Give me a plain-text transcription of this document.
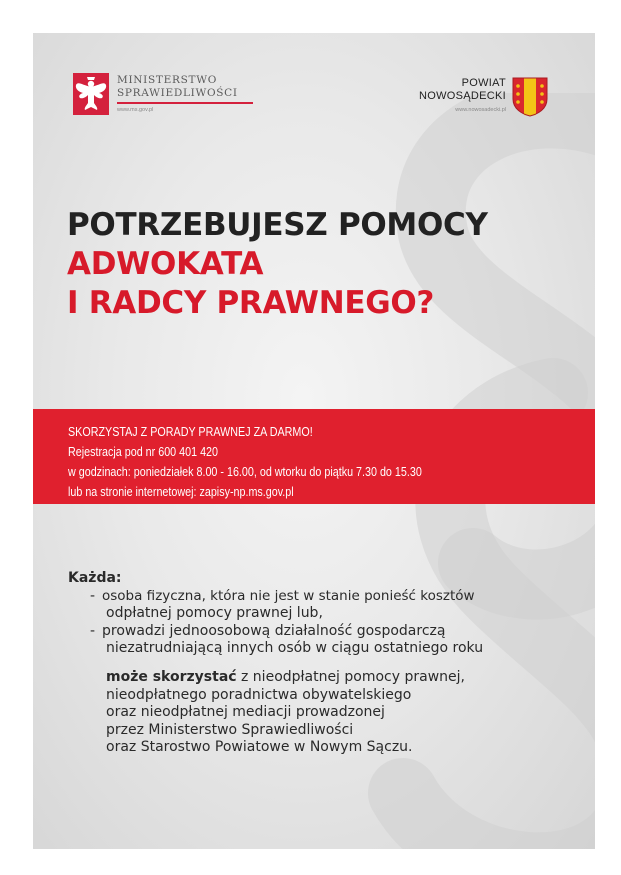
MINISTERSTWO
SPRAWIEDLIWOŚCI
www.ms.gov.pl
POWIAT
NOWOSĄDECKI
www.nowosadecki.pl
POTRZEBUJESZ POMOCY
ADWOKATA
I RADCY PRAWNEGO?
SKORZYSTAJ Z PORADY PRAWNEJ ZA DARMO!
Rejestracja pod nr 600 401 420
w godzinach: poniedziałek 8.00 - 16.00, od wtorku do piątku 7.30 do 15.30
lub na stronie internetowej: zapisy-np.ms.gov.pl
Każda:
- osoba fizyczna, która nie jest w stanie ponieść kosztów
odpłatnej pomocy prawnej lub,
- prowadzi jednoosobową działalność gospodarczą
niezatrudniającą innych osób w ciągu ostatniego roku
może skorzystać z nieodpłatnej pomocy prawnej,
nieodpłatnego poradnictwa obywatelskiego
oraz nieodpłatnej mediacji prowadzonej
przez Ministerstwo Sprawiedliwości
oraz Starostwo Powiatowe w Nowym Sączu.
